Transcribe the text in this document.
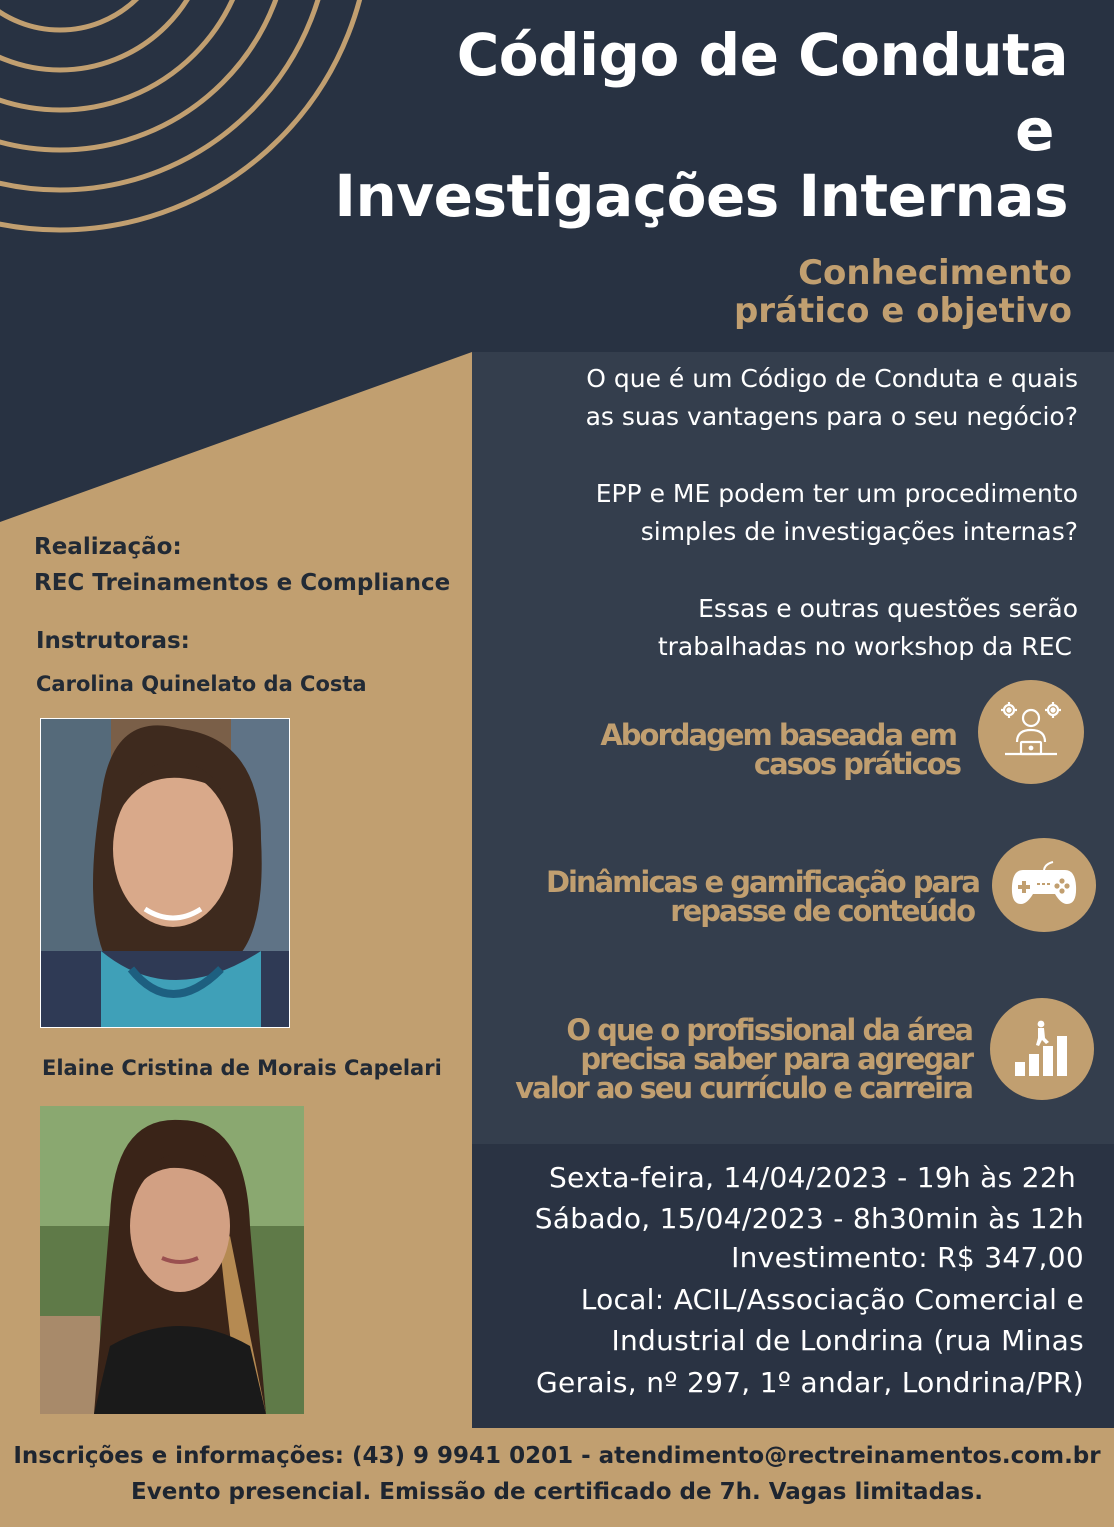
Código de Conduta
e
Investigações Internas
Conhecimento
prático e objetivo
O que é um Código de Conduta e quais
as suas vantagens para o seu negócio?
EPP e ME podem ter um procedimento
simples de investigações internas?
Essas e outras questões serão
trabalhadas no workshop da REC
Abordagem baseada em
casos práticos
Dinâmicas e gamificação para
repasse de conteúdo
O que o profissional da área
precisa saber para agregar
valor ao seu currículo e carreira
Realização:
REC Treinamentos e Compliance
Instrutoras:
Carolina Quinelato da Costa
Elaine Cristina de Morais Capelari
Sexta-feira, 14/04/2023 - 19h às 22h
Sábado, 15/04/2023 - 8h30min às 12h
Investimento: R$ 347,00
Local: ACIL/Associação Comercial e
Industrial de Londrina (rua Minas
Gerais, nº 297, 1º andar, Londrina/PR)
Inscrições e informações: (43) 9 9941 0201 - atendimento@rectreinamentos.com.br
Evento presencial. Emissão de certificado de 7h. Vagas limitadas.
